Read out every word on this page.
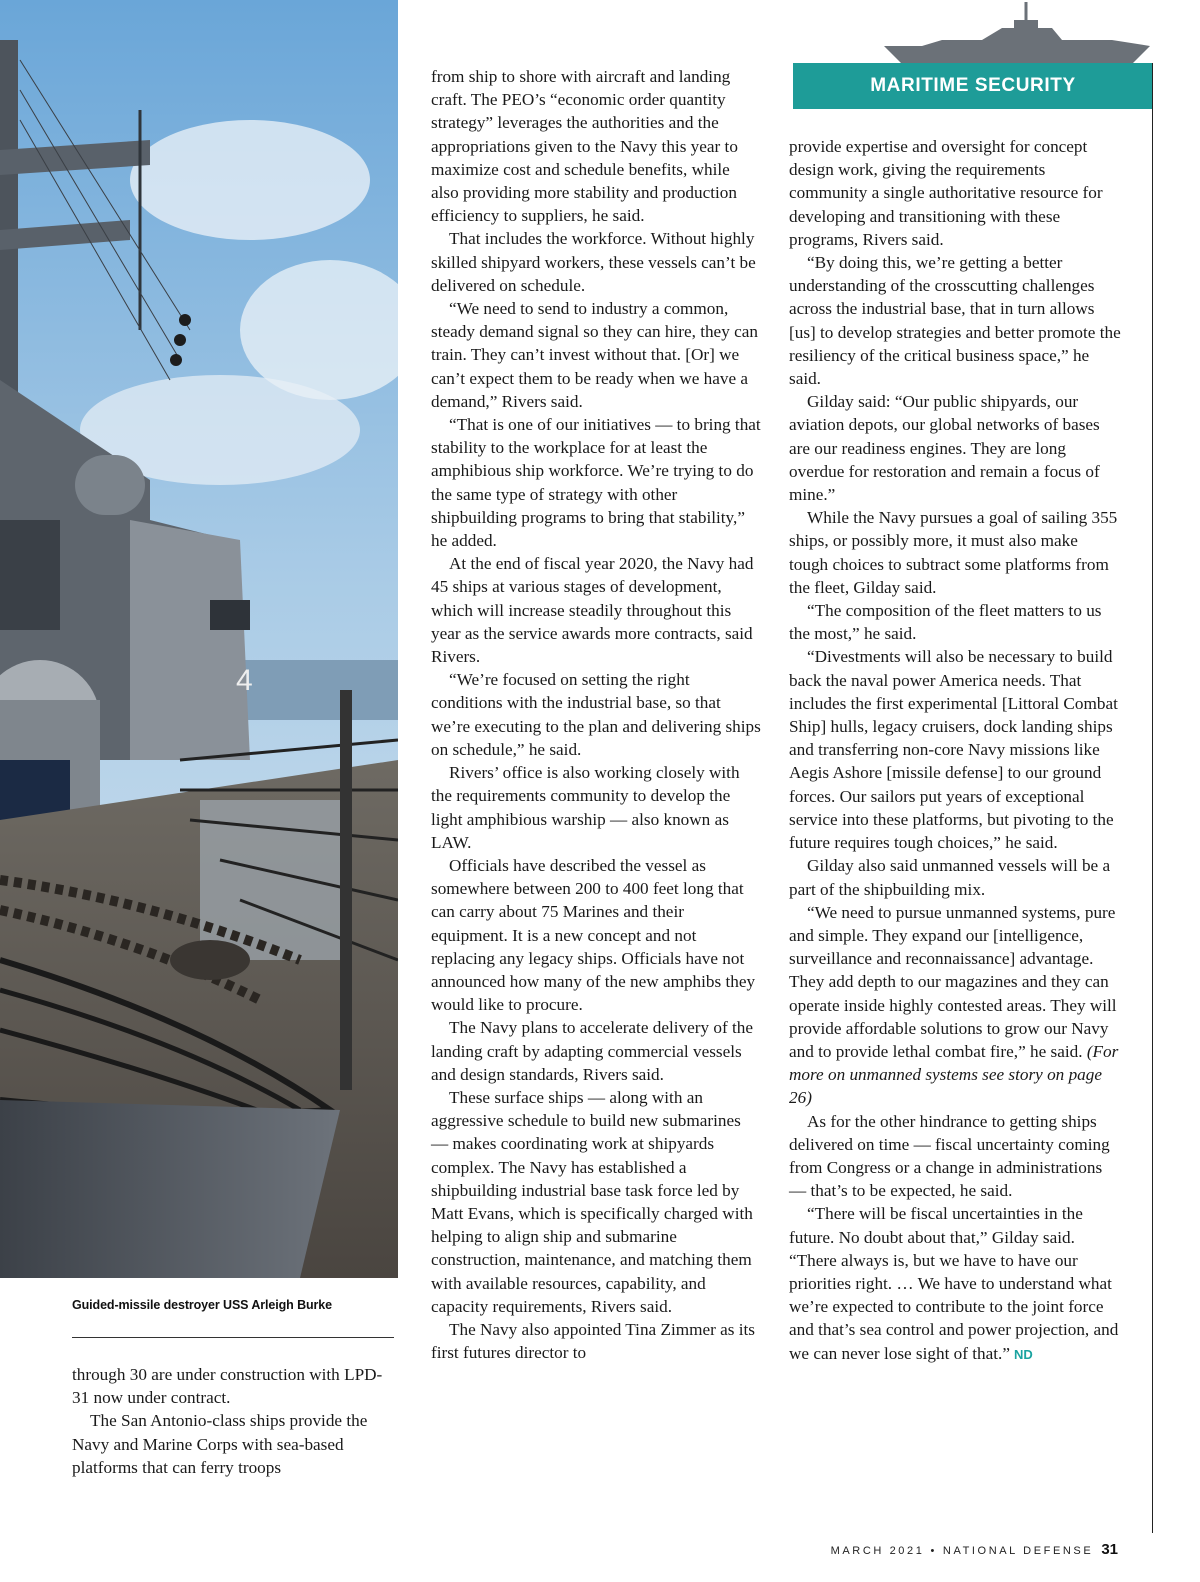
4
Guided-missile destroyer USS Arleigh Burke

through 30 are under construction with LPD-31 now under contract.

The San Antonio-class ships provide the Navy and Marine Corps with sea-based platforms that can ferry troops

from ship to shore with aircraft and landing craft. The PEO’s “economic order quantity strategy” leverages the authorities and the appropriations given to the Navy this year to maximize cost and schedule benefits, while also providing more stability and production efficiency to suppliers, he said.

That includes the workforce. Without highly skilled shipyard workers, these vessels can’t be delivered on schedule.

“We need to send to industry a common, steady demand signal so they can hire, they can train. They can’t invest without that. [Or] we can’t expect them to be ready when we have a demand,” Rivers said.

“That is one of our initiatives — to bring that stability to the workplace for at least the amphibious ship workforce. We’re trying to do the same type of strategy with other shipbuilding programs to bring that stability,” he added.

At the end of fiscal year 2020, the Navy had 45 ships at various stages of development, which will increase steadily throughout this year as the service awards more contracts, said Rivers.

“We’re focused on setting the right conditions with the industrial base, so that we’re executing to the plan and delivering ships on schedule,” he said.

Rivers’ office is also working closely with the requirements community to develop the light amphibious warship — also known as LAW.

Officials have described the vessel as somewhere between 200 to 400 feet long that can carry about 75 Marines and their equipment. It is a new concept and not replacing any legacy ships. Officials have not announced how many of the new amphibs they would like to procure.

The Navy plans to accelerate delivery of the landing craft by adapting commercial vessels and design standards, Rivers said.

These surface ships — along with an aggressive schedule to build new submarines — makes coordinating work at shipyards complex. The Navy has established a shipbuilding industrial base task force led by Matt Evans, which is specifically charged with helping to align ship and submarine construction, maintenance, and matching them with available resources, capability, and capacity requirements, Rivers said.

The Navy also appointed Tina Zimmer as its first futures director to

provide expertise and oversight for concept design work, giving the requirements community a single authoritative resource for developing and transitioning with these programs, Rivers said.

“By doing this, we’re getting a better understanding of the crosscutting challenges across the industrial base, that in turn allows [us] to develop strategies and better promote the resiliency of the critical business space,” he said.

Gilday said: “Our public shipyards, our aviation depots, our global networks of bases are our readiness engines. They are long overdue for restoration and remain a focus of mine.”

While the Navy pursues a goal of sailing 355 ships, or possibly more, it must also make tough choices to subtract some platforms from the fleet, Gilday said.

“The composition of the fleet matters to us the most,” he said.

“Divestments will also be necessary to build back the naval power America needs. That includes the first experimental [Littoral Combat Ship] hulls, legacy cruisers, dock landing ships and transferring non-core Navy missions like Aegis Ashore [missile defense] to our ground forces. Our sailors put years of exceptional service into these platforms, but pivoting to the future requires tough choices,” he said.

Gilday also said unmanned vessels will be a part of the shipbuilding mix.

“We need to pursue unmanned systems, pure and simple. They expand our [intelligence, surveillance and reconnaissance] advantage. They add depth to our magazines and they can operate inside highly contested areas. They will provide affordable solutions to grow our Navy and to provide lethal combat fire,” he said. (For more on unmanned systems see story on page 26)

As for the other hindrance to getting ships delivered on time — fiscal uncertainty coming from Congress or a change in administrations — that’s to be expected, he said.

“There will be fiscal uncertainties in the future. No doubt about that,” Gilday said. “There always is, but we have to have our priorities right. … We have to understand what we’re expected to contribute to the joint force and that’s sea control and power projection, and we can never lose sight of that.” ND

MARITIME SECURITY
MARCH 2021 • NATIONAL DEFENSE 31
